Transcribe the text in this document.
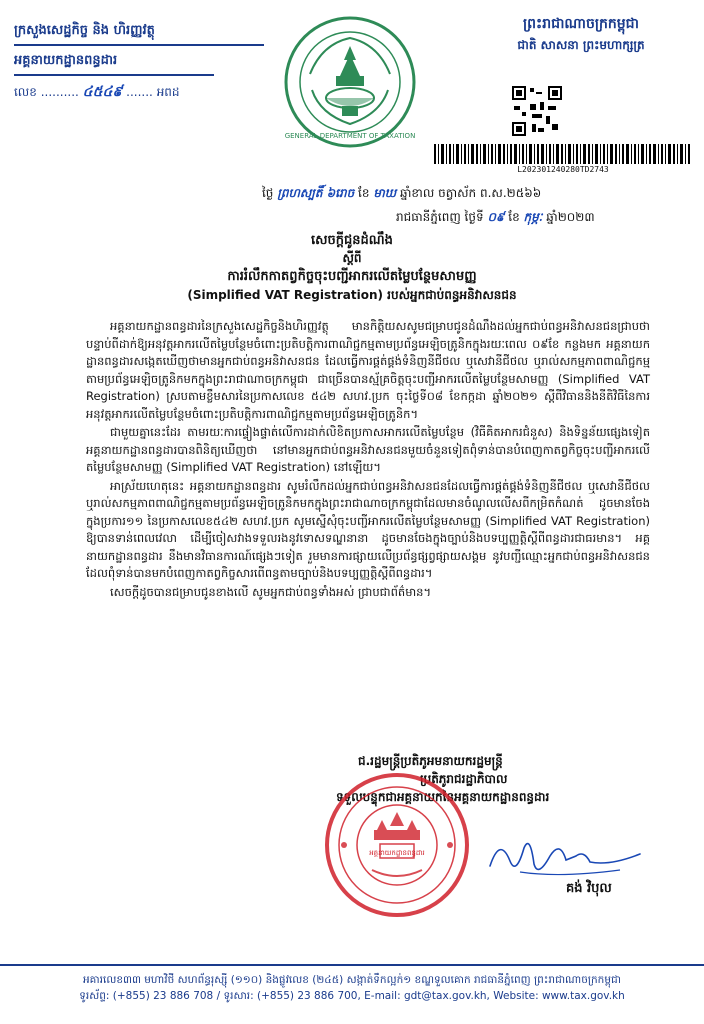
ក្រសួងសេដ្ឋកិច្ច និង ហិរញ្ញវត្ថុ
អគ្គនាយកដ្ឋានពន្ធដារ
លេខ .......... ៤៥៤៩ ....... អពដ
GENERAL DEPARTMENT OF TAXATION
ព្រះរាជាណាចក្រកម្ពុជា
ជាតិ សាសនា ព្រះមហាក្សត្រ
L202301240280TD2743
ថ្ងៃ ព្រហស្បតិ៍ ៦រោច ខែ មាឃ ឆ្នាំខាល ចត្វាស័ក ព.ស.២៥៦៦
រាជធានីភ្នំពេញ ថ្ងៃទី ០៩ ខែ កុម្ភៈ ឆ្នាំ២០២៣
សេចក្តីជូនដំណឹង
ស្តីពី
ការរំលឹកកាតព្វកិច្ចចុះបញ្ជីអាករលើតម្លៃបន្ថែមសាមញ្ញ
(Simplified VAT Registration) របស់អ្នកជាប់ពន្ធអនិវាសនជន

អគ្គនាយកដ្ឋានពន្ធដារនៃក្រសួងសេដ្ឋកិច្ចនិងហិរញ្ញវត្ថុ មានកិត្តិយសសូមជម្រាបជូនដំណឹងដល់អ្នកជាប់ពន្ធអនិវាសនជនជ្រាបថា បន្ទាប់ពីដាក់ឱ្យអនុវត្តអាករលើតម្លៃបន្ថែមចំពោះប្រតិបត្តិការពាណិជ្ជកម្មតាមប្រព័ន្ធអេឡិចត្រូនិកក្នុងរយៈពេល ០៩ខែ កន្លងមក អគ្គនាយកដ្ឋានពន្ធដារសង្កេតឃើញថាមានអ្នកជាប់ពន្ធអនិវាសនជន ដែលធ្វើការផ្គត់ផ្គង់ទំនិញនីជីថល ឬសេវានីជីថល ឬរាល់សកម្មភាពពាណិជ្ជកម្មតាមប្រព័ន្ធអេឡិចត្រូនិកមកក្នុងព្រះរាជាណាចក្រកម្ពុជា ជាច្រើនបានស្ម័គ្រចិត្តចុះបញ្ជីអាករលើតម្លៃបន្ថែមសាមញ្ញ (Simplified VAT Registration) ស្របតាមខ្លឹមសារនៃប្រកាសលេខ ៥៤២ សហវ.ប្រក ចុះថ្ងៃទី០៨ ខែកក្កដា ឆ្នាំ២០២១ ស្តីពីវិធាននិងនីតិវិធីនៃការអនុវត្តអាករលើតម្លៃបន្ថែមចំពោះប្រតិបត្តិការពាណិជ្ជកម្មតាមប្រព័ន្ធអេឡិចត្រូនិក។

ជាមួយគ្នានេះដែរ តាមរយៈការផ្ទៀងផ្ទាត់លើការដាក់លិខិតប្រកាសអាករលើតម្លៃបន្ថែម (វិធីគិតអាករជំនួស) និងទិន្នន័យផ្សេងទៀត អគ្គនាយកដ្ឋានពន្ធដារបានពិនិត្យឃើញថា នៅមានអ្នកជាប់ពន្ធអនិវាសនជនមួយចំនួនទៀតពុំទាន់បានបំពេញកាតព្វកិច្ចចុះបញ្ជីអាករលើតម្លៃបន្ថែមសាមញ្ញ (Simplified VAT Registration) នៅឡើយ។

អាស្រ័យហេតុនេះ អគ្គនាយកដ្ឋានពន្ធដារ សូមរំលឹកដល់អ្នកជាប់ពន្ធអនិវាសនជនដែលធ្វើការផ្គត់ផ្គង់ទំនិញនីជីថល ឬសេវានីជីថល ឬរាល់សកម្មភាពពាណិជ្ជកម្មតាមប្រព័ន្ធអេឡិចត្រូនិកមកក្នុងព្រះរាជាណាចក្រកម្ពុជាដែលមានចំណូលលើសពីកម្រិតកំណត់ ដូចមានចែងក្នុងប្រការ១១ នៃប្រកាសលេខ៥៤២ សហវ.ប្រក សូមស្នើសុំចុះបញ្ជីអាករលើតម្លៃបន្ថែមសាមញ្ញ (Simplified VAT Registration) ឱ្យបានទាន់ពេលវេលា ដើម្បីចៀសវាងទទួលរងនូវទោសទណ្ឌនានា ដូចមានចែងក្នុងច្បាប់និងបទប្បញ្ញត្តិស្តីពីពន្ធដារជាធរមាន។ អគ្គនាយកដ្ឋានពន្ធដារ នឹងមានវិធានការណ៍ផ្សេងៗទៀត រួមមានការផ្សាយលើប្រព័ន្ធផ្សព្វផ្សាយសង្គម នូវបញ្ជីឈ្មោះអ្នកជាប់ពន្ធអនិវាសនជន ដែលពុំទាន់បានមកបំពេញកាតព្វកិច្ចសារពើពន្ធតាមច្បាប់និងបទប្បញ្ញត្តិស្តីពីពន្ធដារ។

សេចក្តីដូចបានជម្រាបជូនខាងលើ សូមអ្នកជាប់ពន្ធទាំងអស់ ជ្រាបជាព័ត៌មាន។

ជ.រដ្ឋមន្ត្រីប្រតិភូអមនាយករដ្ឋមន្ត្រី
ប្រតិភូរាជរដ្ឋាភិបាល
ទទួលបន្ទុកជាអគ្គនាយកនៃអគ្គនាយកដ្ឋានពន្ធដារ
អគ្គនាយកដ្ឋានពន្ធដារ
គង់ វិបុល
អគារលេខ៣៣ មហាវិថី សហព័ន្ធរុស្ស៊ី (១១០) និងផ្លូវលេខ (២៤៥) សង្កាត់ទឹកល្អក់១ ខណ្ឌទួលគោក រាជធានីភ្នំពេញ ព្រះរាជាណាចក្រកម្ពុជា
ទូរស័ព្ទ: (+855) 23 886 708 / ទូរសារ: (+855) 23 886 700, E-mail: gdt@tax.gov.kh, Website: www.tax.gov.kh
